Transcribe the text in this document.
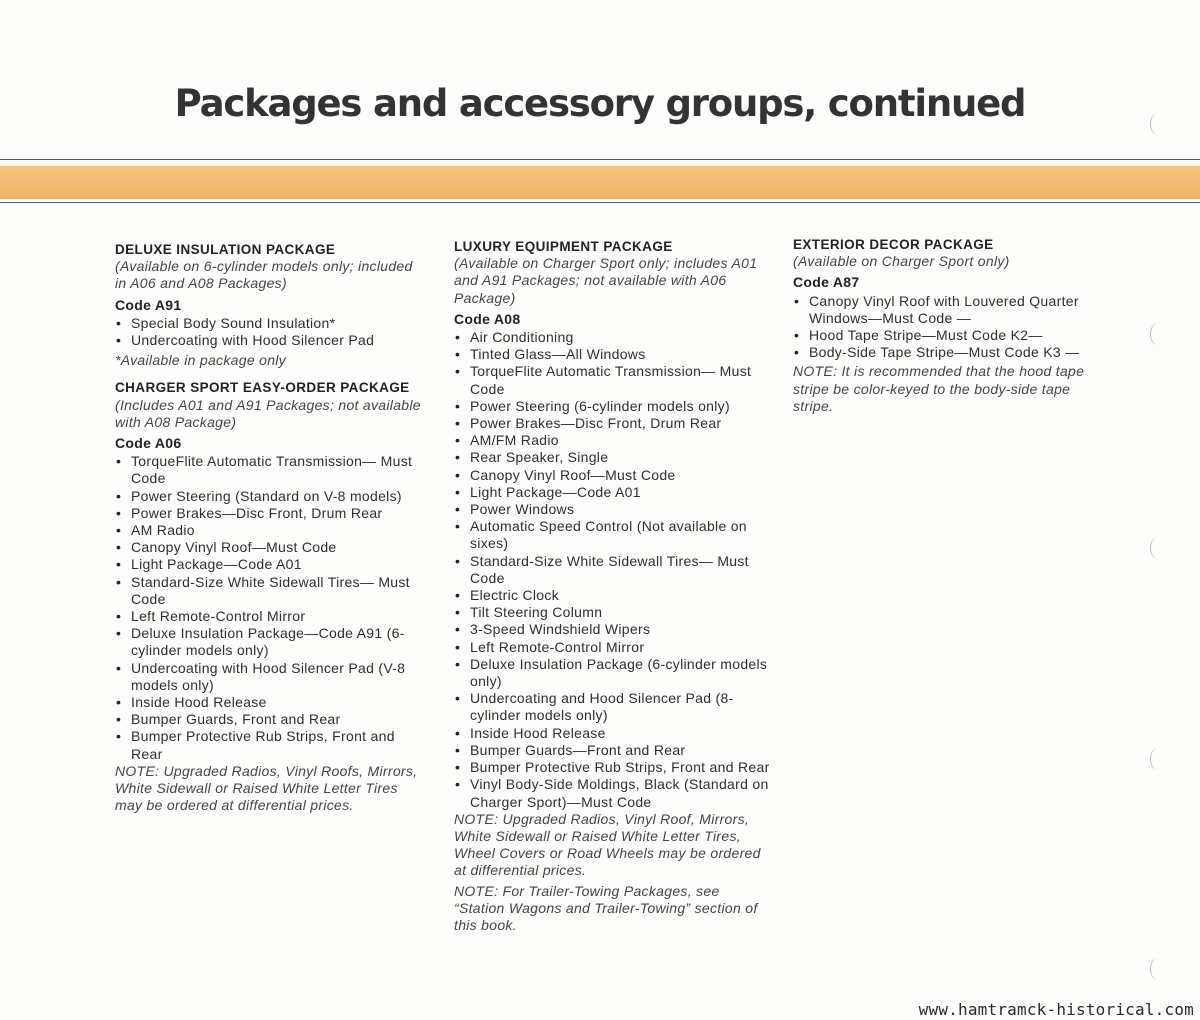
Packages and accessory groups, continued
DELUXE INSULATION PACKAGE
(Available on 6-cylinder models only; included in A06 and A08 Packages)
Code A91
• Special Body Sound Insulation*
• Undercoating with Hood Silencer Pad
*Available in package only
CHARGER SPORT EASY-ORDER PACKAGE
(Includes A01 and A91 Packages; not available with A08 Package)
Code A06
• TorqueFlite Automatic Transmission— Must Code
• Power Steering (Standard on V-8 models)
• Power Brakes—Disc Front, Drum Rear
• AM Radio
• Canopy Vinyl Roof—Must Code
• Light Package—Code A01
• Standard-Size White Sidewall Tires— Must Code
• Left Remote-Control Mirror
• Deluxe Insulation Package—Code A91 (6-cylinder models only)
• Undercoating with Hood Silencer Pad (V-8 models only)
• Inside Hood Release
• Bumper Guards, Front and Rear
• Bumper Protective Rub Strips, Front and Rear
NOTE: Upgraded Radios, Vinyl Roofs, Mirrors, White Sidewall or Raised White Letter Tires may be ordered at differential prices.
LUXURY EQUIPMENT PACKAGE
(Available on Charger Sport only; includes A01 and A91 Packages; not available with A06 Package)
Code A08
• Air Conditioning
• Tinted Glass—All Windows
• TorqueFlite Automatic Transmission— Must Code
• Power Steering (6-cylinder models only)
• Power Brakes—Disc Front, Drum Rear
• AM/FM Radio
• Rear Speaker, Single
• Canopy Vinyl Roof—Must Code
• Light Package—Code A01
• Power Windows
• Automatic Speed Control (Not available on sixes)
• Standard-Size White Sidewall Tires— Must Code
• Electric Clock
• Tilt Steering Column
• 3-Speed Windshield Wipers
• Left Remote-Control Mirror
• Deluxe Insulation Package (6-cylinder models only)
• Undercoating and Hood Silencer Pad (8-cylinder models only)
• Inside Hood Release
• Bumper Guards—Front and Rear
• Bumper Protective Rub Strips, Front and Rear
• Vinyl Body-Side Moldings, Black (Standard on Charger Sport)—Must Code
NOTE: Upgraded Radios, Vinyl Roof, Mirrors, White Sidewall or Raised White Letter Tires, Wheel Covers or Road Wheels may be ordered at differential prices.
NOTE: For Trailer-Towing Packages, see “Station Wagons and Trailer-Towing” section of this book.
EXTERIOR DECOR PACKAGE
(Available on Charger Sport only)
Code A87
• Canopy Vinyl Roof with Louvered Quarter Windows—Must Code —
• Hood Tape Stripe—Must Code K2—
• Body-Side Tape Stripe—Must Code K3 —
NOTE: It is recommended that the hood tape stripe be color-keyed to the body-side tape stripe.
www.hamtramck-historical.com
